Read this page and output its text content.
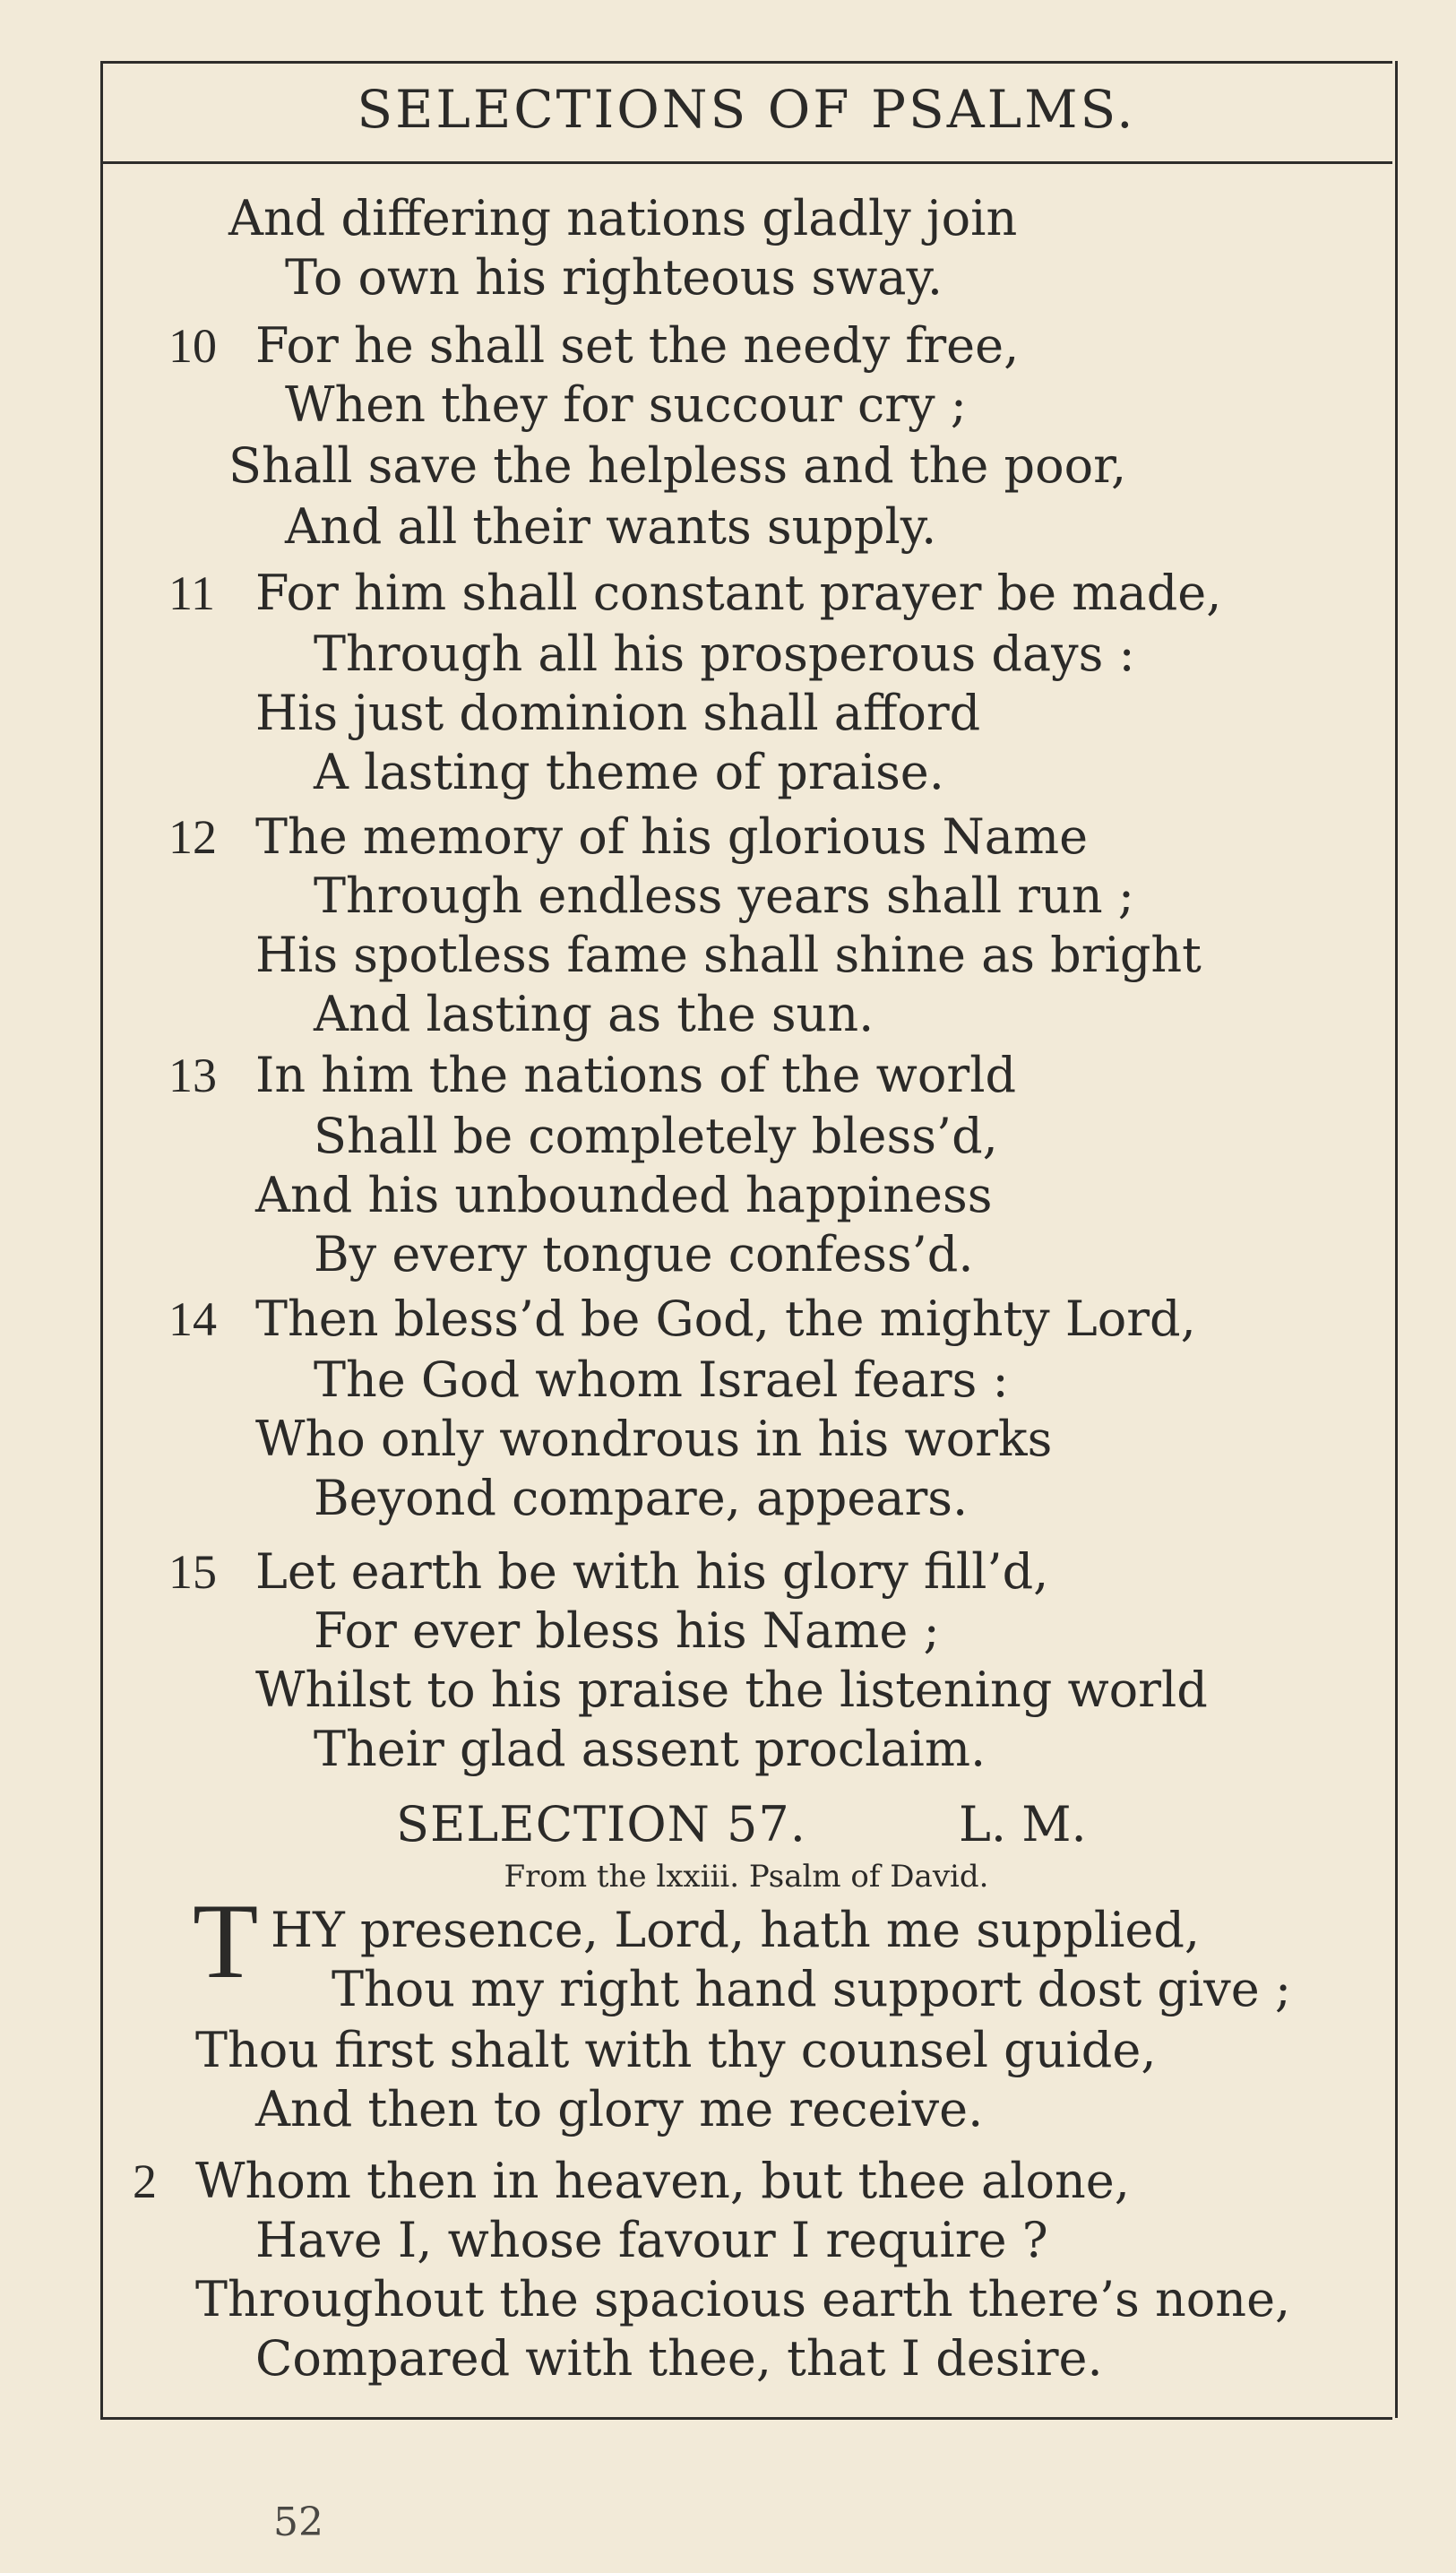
SELECTIONS OF PSALMS.
And differing nations gladly join
To own his righteous sway.
10 For he shall set the needy free,
When they for succour cry ;
Shall save the helpless and the poor,
And all their wants supply.
11 For him shall constant prayer be made,
Through all his prosperous days :
His just dominion shall afford
A lasting theme of praise.
12 The memory of his glorious Name
Through endless years shall run ;
His spotless fame shall shine as bright
And lasting as the sun.
13 In him the nations of the world
Shall be completely bless’d,
And his unbounded happiness
By every tongue confess’d.
14 Then bless’d be God, the mighty Lord,
The God whom Israel fears :
Who only wondrous in his works
Beyond compare, appears.
15 Let earth be with his glory fill’d,
For ever bless his Name ;
Whilst to his praise the listening world
Their glad assent proclaim.
SELECTION 57.	L. M.
From the lxxiii. Psalm of David.
T HY presence, Lord, hath me supplied,
Thou my right hand support dost give ;
Thou first shalt with thy counsel guide,
And then to glory me receive.
2 Whom then in heaven, but thee alone,
Have I, whose favour I require ?
Throughout the spacious earth there’s none,
Compared with thee, that I desire.
52
